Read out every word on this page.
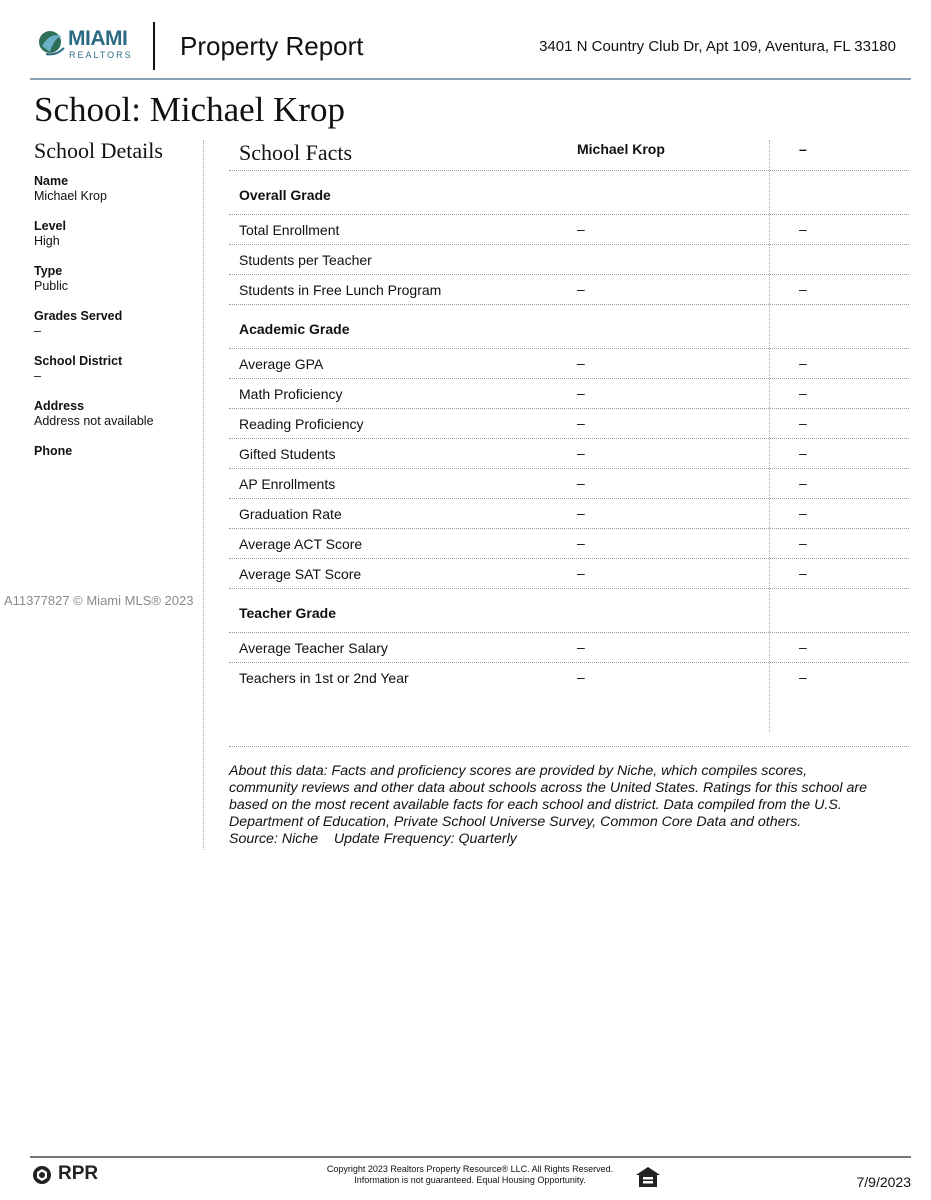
MIAMI
REALTORS Property Report	3401 N Country Club Dr, Apt 109, Aventura, FL 33180
School: Michael Krop
School Details
Name
Michael Krop
Level
High
Type
Public
Grades Served
–
School District
–
Address
Address not available
Phone
A11377827 © Miami MLS® 2023
School Facts	Michael Krop	–
Overall Grade
Total Enrollment	–	–
Students per Teacher
Students in Free Lunch Program	–	–
Academic Grade
Average GPA	–	–
Math Proficiency	–	–
Reading Proficiency	–	–
Gifted Students	–	–
AP Enrollments	–	–
Graduation Rate	–	–
Average ACT Score	–	–
Average SAT Score	–	–
Teacher Grade
Average Teacher Salary	–	–
Teachers in 1st or 2nd Year	–	–
About this data: Facts and proficiency scores are provided by Niche, which compiles scores,
community reviews and other data about schools across the United States. Ratings for this school are
based on the most recent available facts for each school and district. Data compiled from the U.S.
Department of Education, Private School Universe Survey, Common Core Data and others.
Source: Niche    Update Frequency: Quarterly
RPR	Copyright 2023 Realtors Property Resource® LLC. All Rights Reserved.
Information is not guaranteed. Equal Housing Opportunity.	7/9/2023
